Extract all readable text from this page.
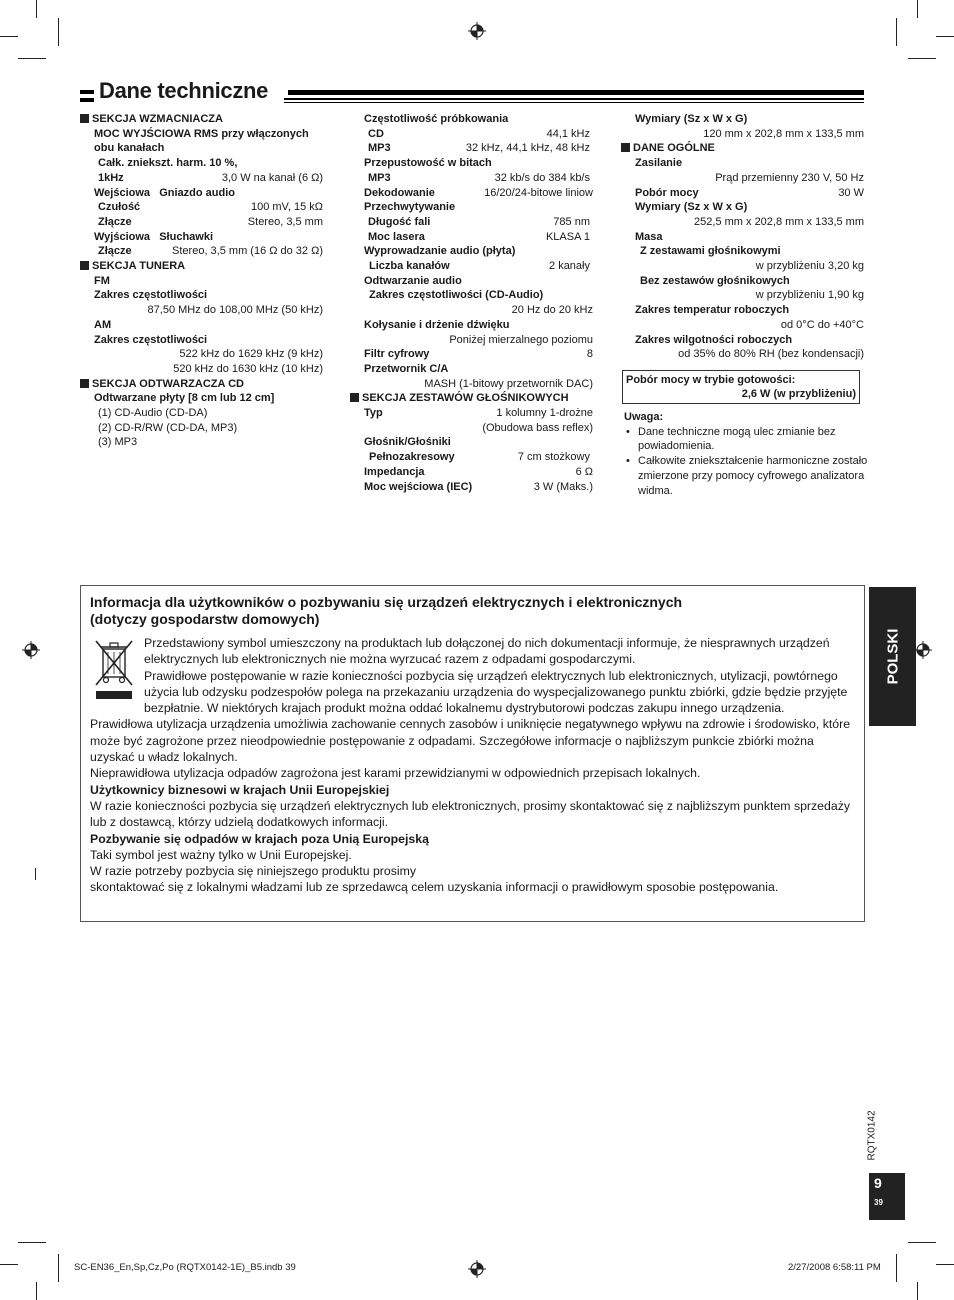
Dane techniczne
SEKCJA WZMACNIACZA
MOC WYJŚCIOWA RMS przy włączonych
obu kanałach
Całk. zniekszt. harm. 10 %,
1kHz	3,0 W na kanał (6 Ω)
Wejściowa Gniazdo audio
Czułość	100 mV, 15 kΩ
Złącze	Stereo, 3,5 mm
Wyjściowa Słuchawki
Złącze	Stereo, 3,5 mm (16 Ω do 32 Ω)
SEKCJA TUNERA
FM
Zakres częstotliwości
87,50 MHz do 108,00 MHz (50 kHz)
AM
Zakres częstotliwości
522 kHz do 1629 kHz (9 kHz)
520 kHz do 1630 kHz (10 kHz)
SEKCJA ODTWARZACZA CD
Odtwarzane płyty [8 cm lub 12 cm]
(1) CD-Audio (CD-DA)
(2) CD-R/RW (CD-DA, MP3)
(3) MP3
Częstotliwość próbkowania
CD	44,1 kHz
MP3	32 kHz, 44,1 kHz, 48 kHz
Przepustowość w bitach
MP3	32 kb/s do 384 kb/s
Dekodowanie	16/20/24-bitowe liniow
Przechwytywanie
Długość fali	785 nm
Moc lasera	KLASA 1
Wyprowadzanie audio (płyta)
Liczba kanałów	2 kanały
Odtwarzanie audio
Zakres częstotliwości (CD-Audio)
20 Hz do 20 kHz
Kołysanie i drżenie dźwięku
Poniżej mierzalnego poziomu
Filtr cyfrowy	8
Przetwornik C/A
MASH (1-bitowy przetwornik DAC)
SEKCJA ZESTAWÓW GŁOŚNIKOWYCH
Typ	1 kolumny 1-drożne
(Obudowa bass reflex)
Głośnik/Głośniki
Pełnozakresowy	7 cm stożkowy
Impedancja	6 Ω
Moc wejściowa (IEC)	3 W (Maks.)
Wymiary (Sz x W x G)
120 mm x 202,8 mm x 133,5 mm
DANE OGÓLNE
Zasilanie
Prąd przemienny 230 V, 50 Hz
Pobór mocy	30 W
Wymiary (Sz x W x G)
252,5 mm x 202,8 mm x 133,5 mm
Masa
Z zestawami głośnikowymi
w przybliżeniu 3,20 kg
Bez zestawów głośnikowych
w przybliżeniu 1,90 kg
Zakres temperatur roboczych
od 0°C do +40°C
Zakres wilgotności roboczych
od 35% do 80% RH (bez kondensacji)
Pobór mocy w trybie gotowości:
2,6 W (w przybliżeniu)
Uwaga:
• Dane techniczne mogą ulec zmianie bez powiadomienia.
• Całkowite zniekształcenie harmoniczne zostało zmierzone przy pomocy cyfrowego analizatora widma.
Informacja dla użytkowników o pozbywaniu się urządzeń elektrycznych i elektronicznych
(dotyczy gospodarstw domowych)

Przedstawiony symbol umieszczony na produktach lub dołączonej do nich dokumentacji informuje, że niesprawnych urządzeń elektrycznych lub elektronicznych nie można wyrzucać razem z odpadami gospodarczymi.

Prawidłowe postępowanie w razie konieczności pozbycia się urządzeń elektrycznych lub elektronicznych, utylizacji, powtórnego użycia lub odzysku podzespołów polega na przekazaniu urządzenia do wyspecjalizowanego punktu zbiórki, gdzie będzie przyjęte bezpłatnie. W niektórych krajach produkt można oddać lokalnemu dystrybutorowi podczas zakupu innego urządzenia.

Prawidłowa utylizacja urządzenia umożliwia zachowanie cennych zasobów i uniknięcie negatywnego wpływu na zdrowie i środowisko, które może być zagrożone przez nieodpowiednie postępowanie z odpadami. Szczegółowe informacje o najbliższym punkcie zbiórki można uzyskać u władz lokalnych.

Nieprawidłowa utylizacja odpadów zagrożona jest karami przewidzianymi w odpowiednich przepisach lokalnych.

Użytkownicy biznesowi w krajach Unii Europejskiej

W razie konieczności pozbycia się urządzeń elektrycznych lub elektronicznych, prosimy skontaktować się z najbliższym punktem sprzedaży lub z dostawcą, którzy udzielą dodatkowych informacji.

Pozbywanie się odpadów w krajach poza Unią Europejską

Taki symbol jest ważny tylko w Unii Europejskej.

W razie potrzeby pozbycia się niniejszego produktu prosimy

skontaktować się z lokalnymi władzami lub ze sprzedawcą celem uzyskania informacji o prawidłowym sposobie postępowania.

POLSKI
RQTX0142
9
39
SC-EN36_En,Sp,Cz,Po (RQTX0142-1E)_B5.indb 39	2/27/2008 6:58:11 PM
